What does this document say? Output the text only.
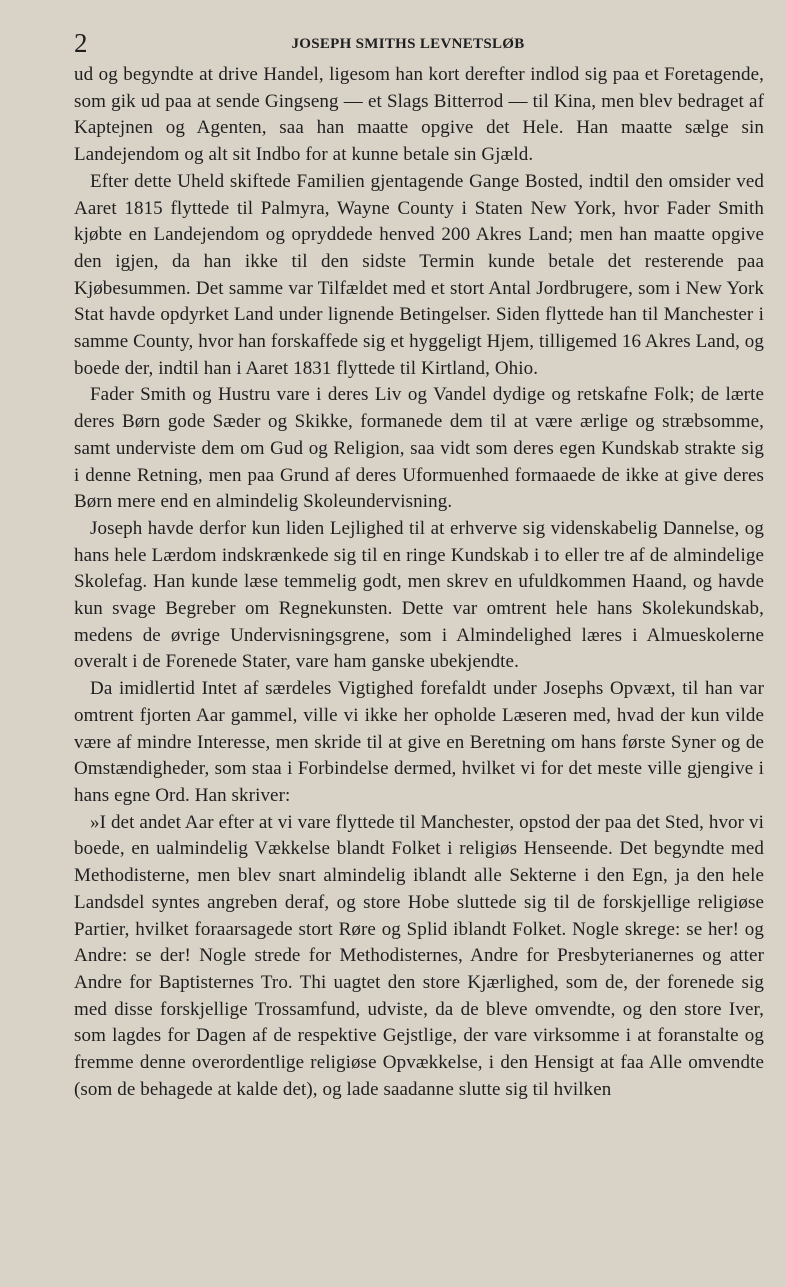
2	JOSEPH SMITHS LEVNETSLØB

ud og begyndte at drive Handel, ligesom han kort derefter indlod sig paa et Foretagende, som gik ud paa at sende Gingseng — et Slags Bitterrod — til Kina, men blev bedraget af Kaptejnen og Agenten, saa han maatte opgive det Hele. Han maatte sælge sin Landejendom og alt sit Indbo for at kunne betale sin Gjæld.

Efter dette Uheld skiftede Familien gjentagende Gange Bosted, indtil den omsider ved Aaret 1815 flyttede til Palmyra, Wayne County i Staten New York, hvor Fader Smith kjøbte en Landejendom og opryddede henved 200 Akres Land; men han maatte opgive den igjen, da han ikke til den sidste Termin kunde betale det resterende paa Kjøbesummen. Det samme var Tilfældet med et stort Antal Jordbrugere, som i New York Stat havde opdyrket Land under lignende Betingelser. Siden flyttede han til Manchester i samme County, hvor han forskaffede sig et hyggeligt Hjem, tilligemed 16 Akres Land, og boede der, indtil han i Aaret 1831 flyttede til Kirtland, Ohio.

Fader Smith og Hustru vare i deres Liv og Vandel dydige og retskafne Folk; de lærte deres Børn gode Sæder og Skikke, formanede dem til at være ærlige og stræbsomme, samt underviste dem om Gud og Religion, saa vidt som deres egen Kundskab strakte sig i denne Retning, men paa Grund af deres Uformuenhed formaaede de ikke at give deres Børn mere end en almindelig Skoleundervisning.

Joseph havde derfor kun liden Lejlighed til at erhverve sig videnskabelig Dannelse, og hans hele Lærdom indskrænkede sig til en ringe Kundskab i to eller tre af de almindelige Skolefag. Han kunde læse temmelig godt, men skrev en ufuldkommen Haand, og havde kun svage Begreber om Regnekunsten. Dette var omtrent hele hans Skolekundskab, medens de øvrige Undervisningsgrene, som i Almindelighed læres i Almueskolerne overalt i de Forenede Stater, vare ham ganske ubekjendte.

Da imidlertid Intet af særdeles Vigtighed forefaldt under Josephs Opvæxt, til han var omtrent fjorten Aar gammel, ville vi ikke her opholde Læseren med, hvad der kun vilde være af mindre Interesse, men skride til at give en Beretning om hans første Syner og de Omstændigheder, som staa i Forbindelse dermed, hvilket vi for det meste ville gjengive i hans egne Ord. Han skriver:

»I det andet Aar efter at vi vare flyttede til Manchester, opstod der paa det Sted, hvor vi boede, en ualmindelig Vækkelse blandt Folket i religiøs Henseende. Det begyndte med Methodisterne, men blev snart almindelig iblandt alle Sekterne i den Egn, ja den hele Landsdel syntes angreben deraf, og store Hobe sluttede sig til de forskjellige religiøse Partier, hvilket foraarsagede stort Røre og Splid iblandt Folket. Nogle skrege: se her! og Andre: se der! Nogle strede for Methodisternes, Andre for Presbyterianernes og atter Andre for Baptisternes Tro. Thi uagtet den store Kjærlighed, som de, der forenede sig med disse forskjellige Trossamfund, udviste, da de bleve omvendte, og den store Iver, som lagdes for Dagen af de respektive Gejstlige, der vare virksomme i at foranstalte og fremme denne overordentlige religiøse Opvækkelse, i den Hensigt at faa Alle omvendte (som de behagede at kalde det), og lade saadanne slutte sig til hvilken
